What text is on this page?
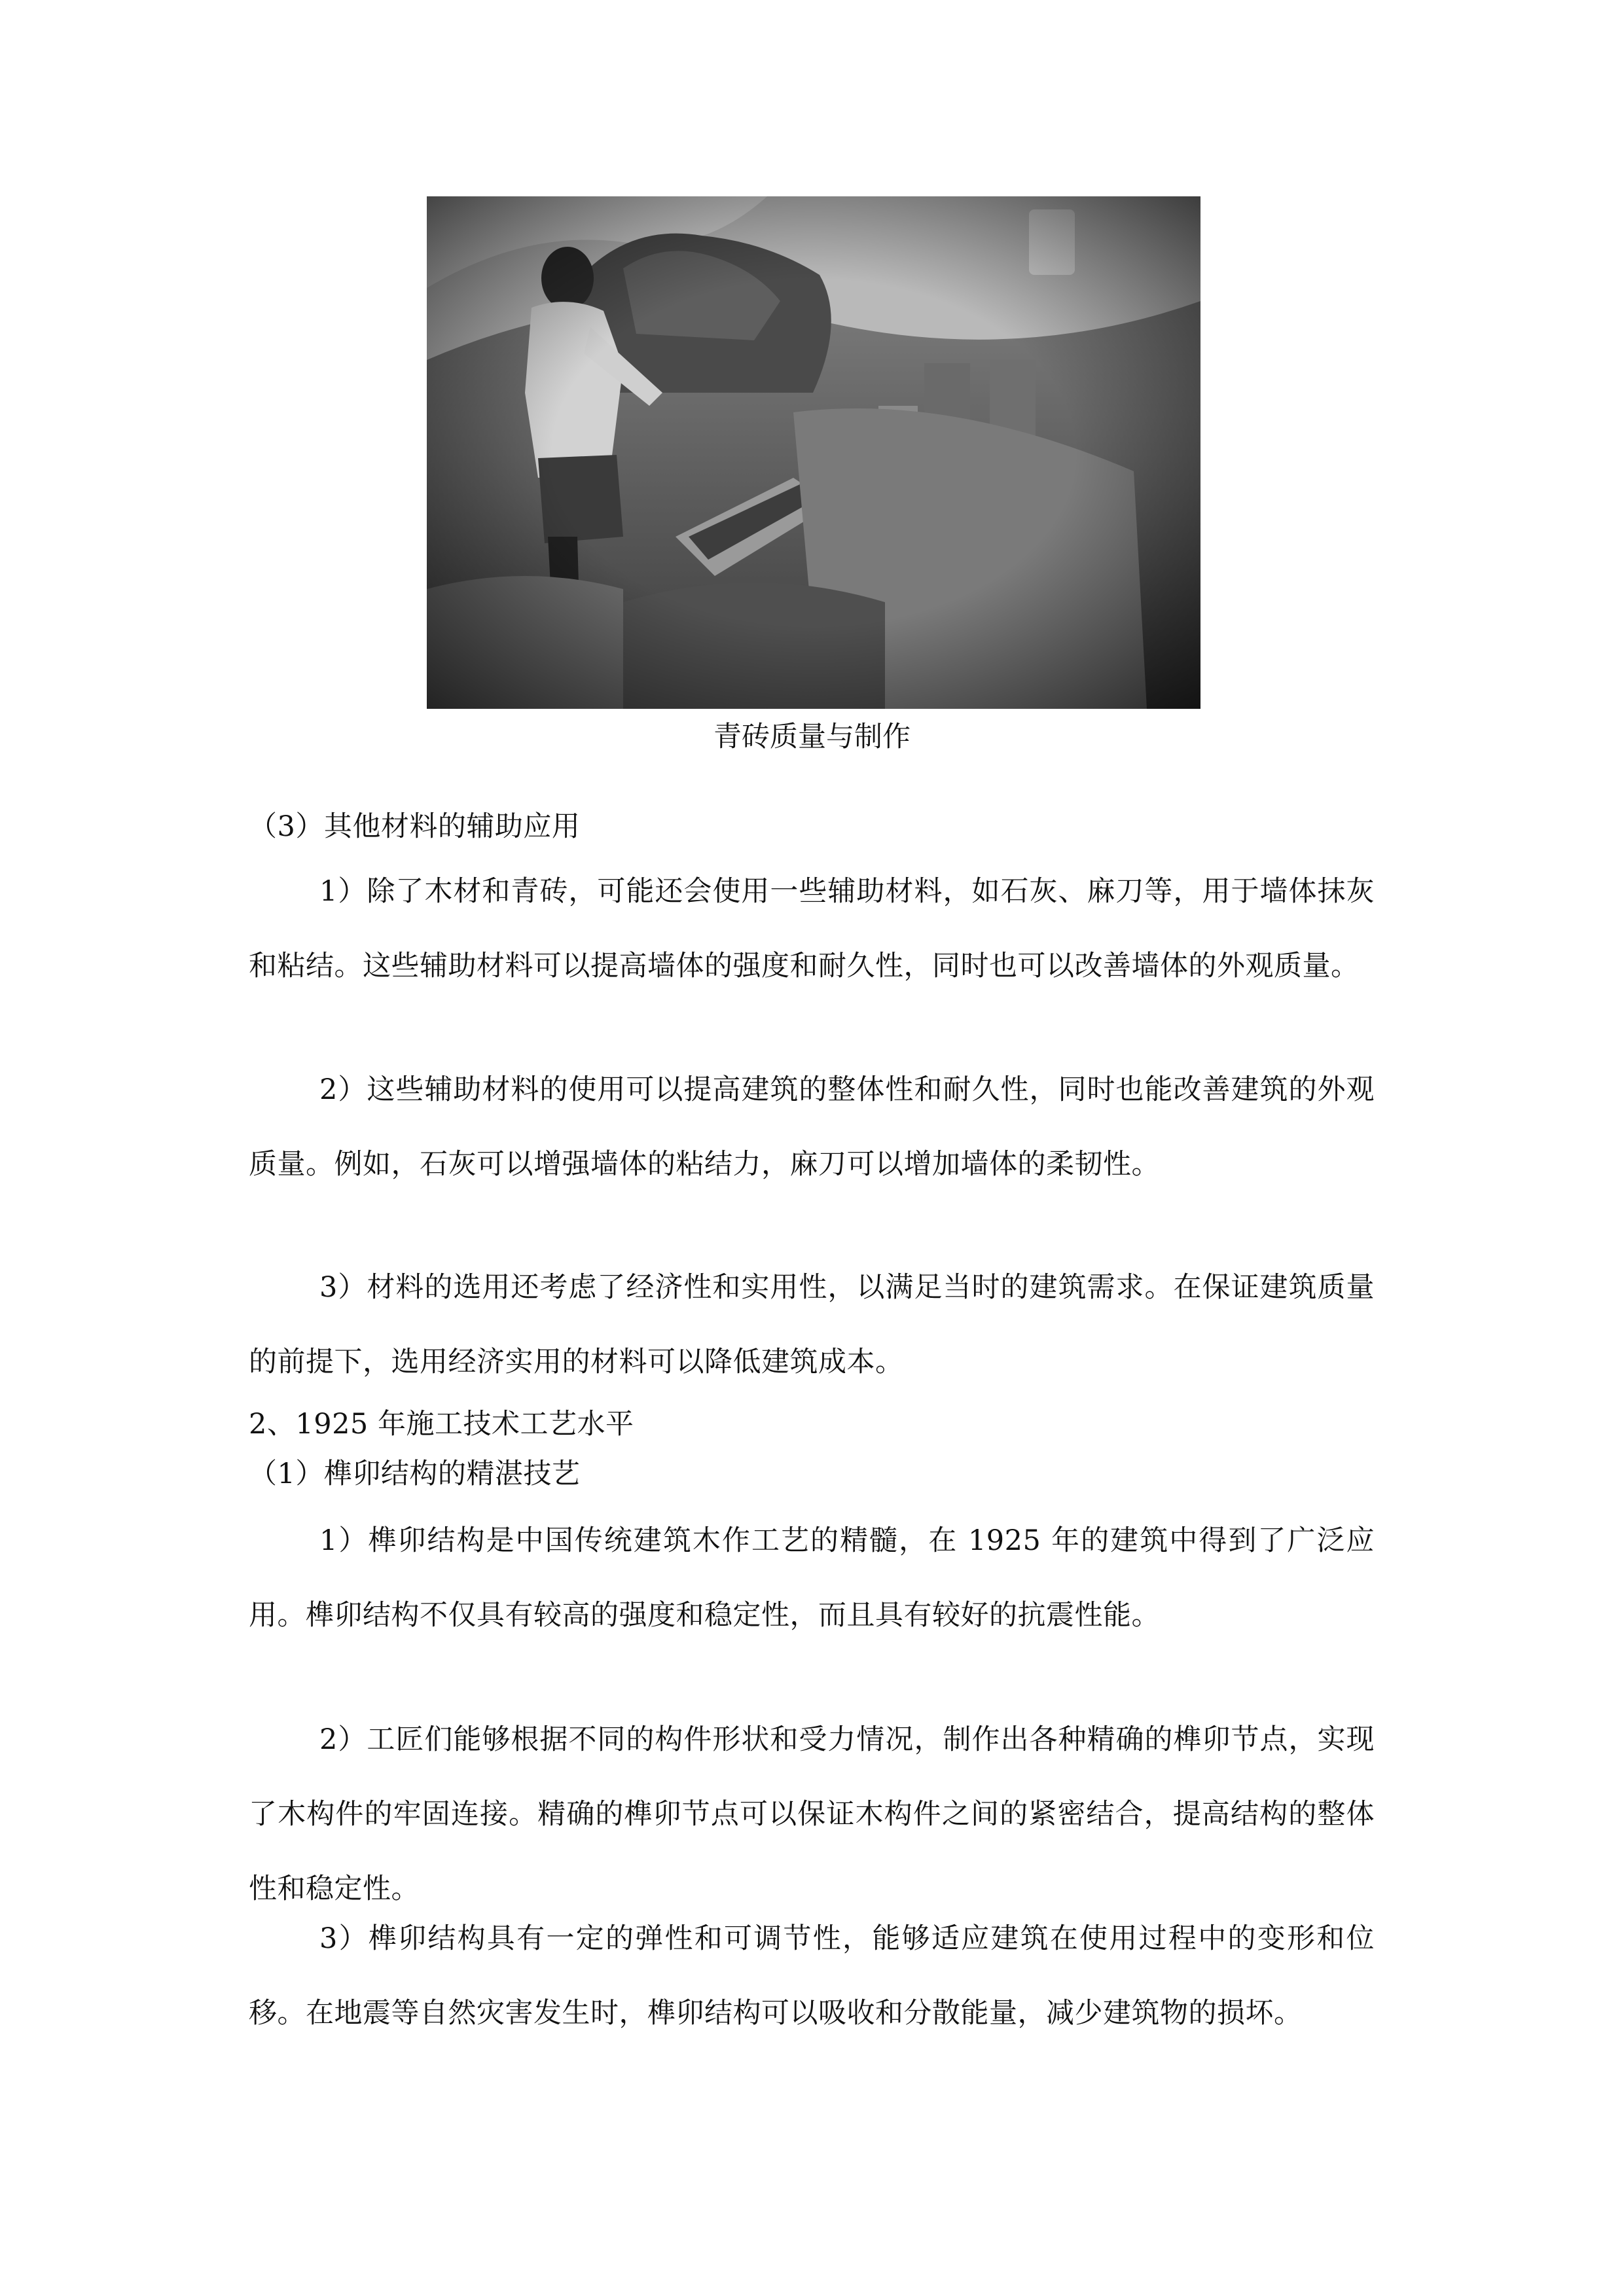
青砖质量与制作
（3）其他材料的辅助应用
1）除了木材和青砖，可能还会使用一些辅助材料，如石灰、麻刀等，用于墙体抹灰和粘结。这些辅助材料可以提高墙体的强度和耐久性，同时也可以改善墙体的外观质量。
2）这些辅助材料的使用可以提高建筑的整体性和耐久性，同时也能改善建筑的外观质量。例如，石灰可以增强墙体的粘结力，麻刀可以增加墙体的柔韧性。
3）材料的选用还考虑了经济性和实用性，以满足当时的建筑需求。在保证建筑质量的前提下，选用经济实用的材料可以降低建筑成本。
2、1925 年施工技术工艺水平
（1）榫卯结构的精湛技艺
1）榫卯结构是中国传统建筑木作工艺的精髓，在 1925 年的建筑中得到了广泛应用。榫卯结构不仅具有较高的强度和稳定性，而且具有较好的抗震性能。
2）工匠们能够根据不同的构件形状和受力情况，制作出各种精确的榫卯节点，实现了木构件的牢固连接。精确的榫卯节点可以保证木构件之间的紧密结合，提高结构的整体性和稳定性。
3）榫卯结构具有一定的弹性和可调节性，能够适应建筑在使用过程中的变形和位移。在地震等自然灾害发生时，榫卯结构可以吸收和分散能量，减少建筑物的损坏。
